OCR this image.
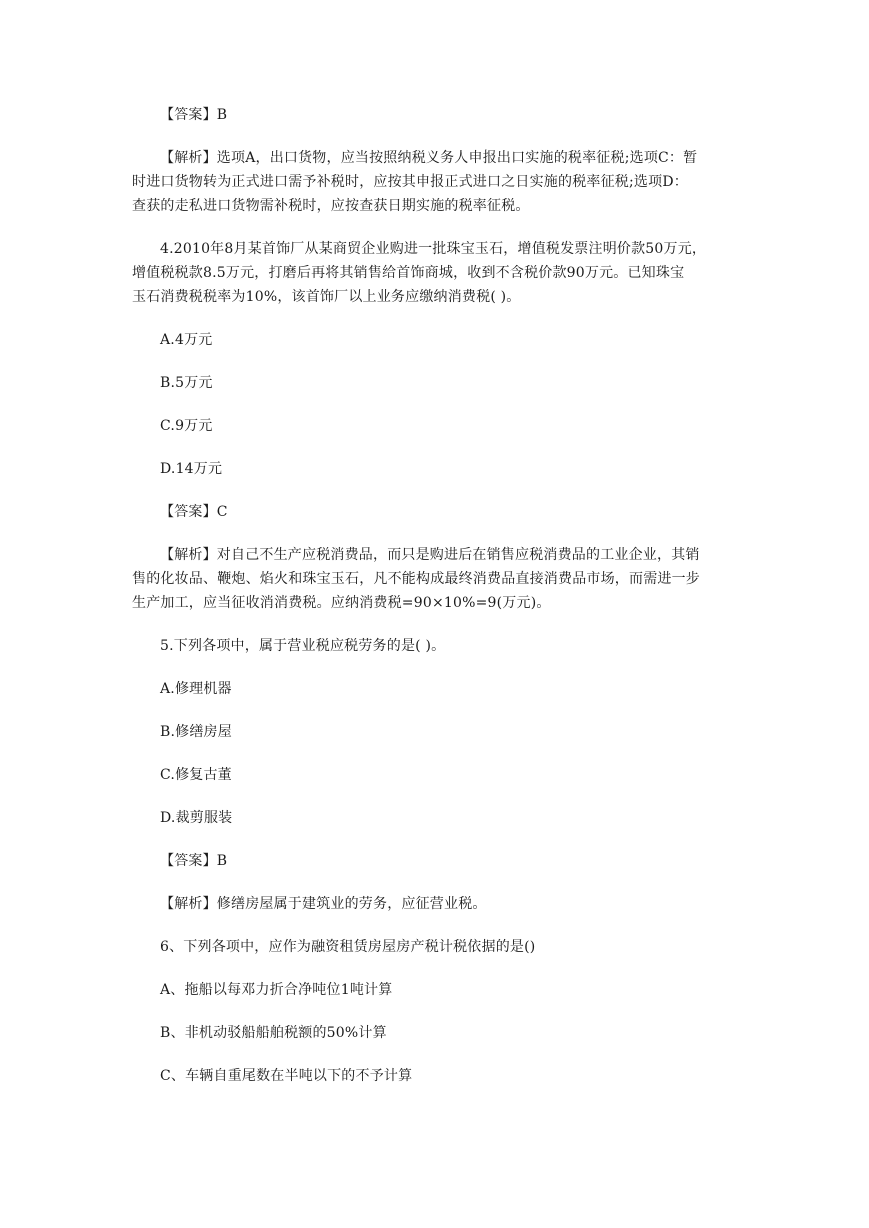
【答案】B

【解析】选项A，出口货物，应当按照纳税义务人申报出口实施的税率征税;选项C：暂
时进口货物转为正式进口需予补税时，应按其申报正式进口之日实施的税率征税;选项D：
查获的走私进口货物需补税时，应按查获日期实施的税率征税。

4.2010年8月某首饰厂从某商贸企业购进一批珠宝玉石，增值税发票注明价款50万元，
增值税税款8.5万元，打磨后再将其销售给首饰商城，收到不含税价款90万元。已知珠宝
玉石消费税税率为10%，该首饰厂以上业务应缴纳消费税( )。

A.4万元

B.5万元

C.9万元

D.14万元

【答案】C

【解析】对自己不生产应税消费品，而只是购进后在销售应税消费品的工业企业，其销
售的化妆品、鞭炮、焰火和珠宝玉石，凡不能构成最终消费品直接消费品市场，而需进一步
生产加工，应当征收消消费税。应纳消费税=90×10%=9(万元)。

5.下列各项中，属于营业税应税劳务的是( )。

A.修理机器

B.修缮房屋

C.修复古董

D.裁剪服装

【答案】B

【解析】修缮房屋属于建筑业的劳务，应征营业税。

6、下列各项中，应作为融资租赁房屋房产税计税依据的是()

A、拖船以每邓力折合净吨位1吨计算

B、非机动驳船船舶税额的50%计算

C、车辆自重尾数在半吨以下的不予计算
